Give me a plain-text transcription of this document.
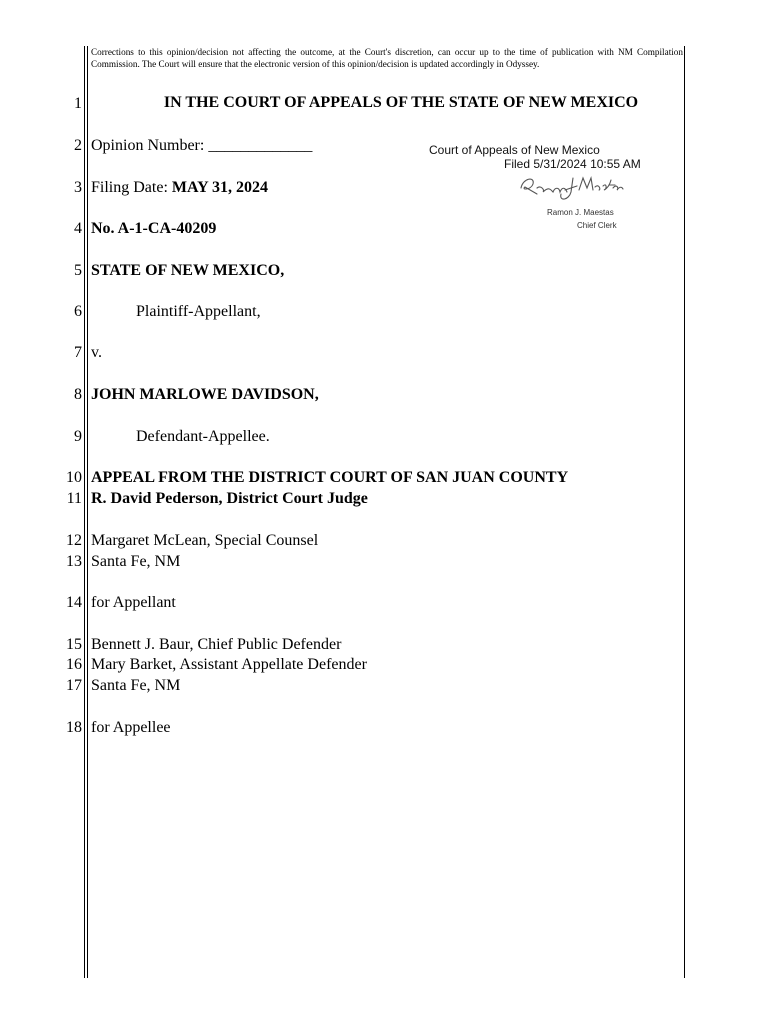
Corrections to this opinion/decision not affecting the outcome, at the Court's discretion, can occur up to the time of publication with NM Compilation Commission. The Court will ensure that the electronic version of this opinion/decision is updated accordingly in Odyssey.
1
2
3
4
5
6
7
8
9
10
11
12
13
14
15
16
17
18
IN THE COURT OF APPEALS OF THE STATE OF NEW MEXICO
Opinion Number: _____________
Filing Date: MAY 31, 2024
No. A-1-CA-40209
STATE OF NEW MEXICO,
Plaintiff-Appellant,
v.
JOHN MARLOWE DAVIDSON,
Defendant-Appellee.
APPEAL FROM THE DISTRICT COURT OF SAN JUAN COUNTY
R. David Pederson, District Court Judge
Margaret McLean, Special Counsel
Santa Fe, NM
for Appellant
Bennett J. Baur, Chief Public Defender
Mary Barket, Assistant Appellate Defender
Santa Fe, NM
for Appellee
Court of Appeals of New Mexico
Filed 5/31/2024 10:55 AM
Ramon J. Maestas
Chief Clerk
